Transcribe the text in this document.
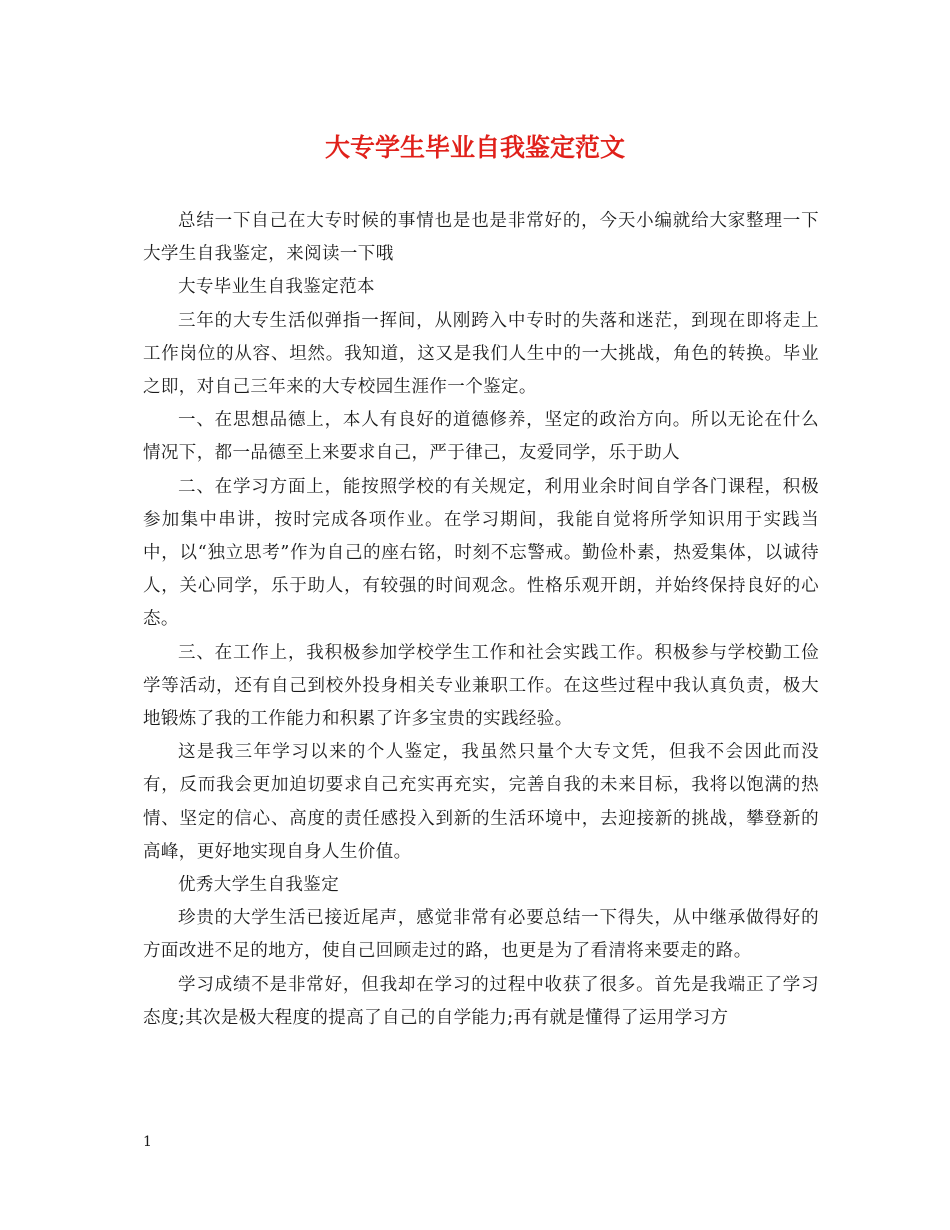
大专学生毕业自我鉴定范文

总结一下自己在大专时候的事情也是也是非常好的，今天小编就给大家整理一下大学生自我鉴定，来阅读一下哦

大专毕业生自我鉴定范本

三年的大专生活似弹指一挥间，从刚跨入中专时的失落和迷茫，到现在即将走上工作岗位的从容、坦然。我知道，这又是我们人生中的一大挑战，角色的转换。毕业之即，对自己三年来的大专校园生涯作一个鉴定。

一、在思想品德上，本人有良好的道德修养，坚定的政治方向。所以无论在什么情况下，都一品德至上来要求自己，严于律己，友爱同学，乐于助人

二、在学习方面上，能按照学校的有关规定，利用业余时间自学各门课程，积极参加集中串讲，按时完成各项作业。在学习期间，我能自觉将所学知识用于实践当中，以“独立思考”作为自己的座右铭，时刻不忘警戒。勤俭朴素，热爱集体，以诚待人，关心同学，乐于助人，有较强的时间观念。性格乐观开朗，并始终保持良好的心态。

三、在工作上，我积极参加学校学生工作和社会实践工作。积极参与学校勤工俭学等活动，还有自己到校外投身相关专业兼职工作。在这些过程中我认真负责，极大地锻炼了我的工作能力和积累了许多宝贵的实践经验。

这是我三年学习以来的个人鉴定，我虽然只量个大专文凭，但我不会因此而没有，反而我会更加迫切要求自己充实再充实，完善自我的未来目标，我将以饱满的热情、坚定的信心、高度的责任感投入到新的生活环境中，去迎接新的挑战，攀登新的高峰，更好地实现自身人生价值。

优秀大学生自我鉴定

珍贵的大学生活已接近尾声，感觉非常有必要总结一下得失，从中继承做得好的方面改进不足的地方，使自己回顾走过的路，也更是为了看清将来要走的路。

学习成绩不是非常好，但我却在学习的过程中收获了很多。首先是我端正了学习态度;其次是极大程度的提高了自己的自学能力;再有就是懂得了运用学习方

1
